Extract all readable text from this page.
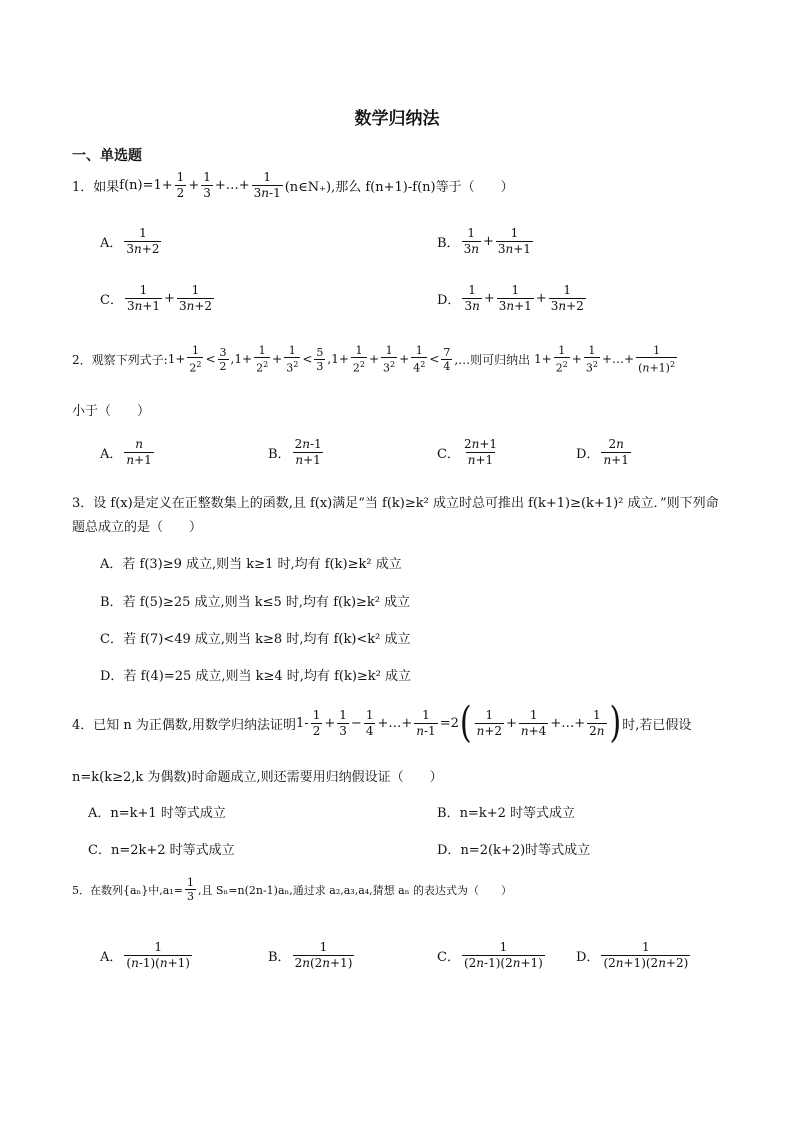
数学归纳法
一、单选题
1．如果 $f(n)=1+ \frac{1}{2} + \frac{1}{3}$ +…+ $\frac{1}{3n-1}$ (n∈N₊),那么 f(n+1)-f(n)等于（　　）
A． $\frac{1}{3n+2}$	B． $\frac{1}{3n} + \frac{1}{3n+1}$
C． $\frac{1}{3n+1} + \frac{1}{3n+2}$	D． $\frac{1}{3n} + \frac{1}{3n+1} + \frac{1}{3n+2}$
2．观察下列式子: $1+ \frac{1}{2^2} < \frac{3}{2} ,1+ \frac{1}{2^2} + \frac{1}{3^2} < \frac{5}{3} ,1+ \frac{1}{2^2} + \frac{1}{3^2} + \frac{1}{4^2} < \frac{7}{4}$ ,…则可归纳出 $1+ \frac{1}{2^2} + \frac{1}{3^2}$ +…+ $\frac{1}{(n+1)^2}$
小于（　　）
A． $\frac{n}{n+1}$	B． $\frac{2n-1}{n+1}$	C． $\frac{2n+1}{n+1}$	D． $\frac{2n}{n+1}$
3．设 f(x)是定义在正整数集上的函数,且 f(x)满足“当 f(k)≥k² 成立时总可推出 f(k+1)≥(k+1)² 成立．”则下列命
题总成立的是（　　）
A．若 f(3)≥9 成立,则当 k≥1 时,均有 f(k)≥k² 成立
B．若 f(5)≥25 成立,则当 k≤5 时,均有 f(k)≥k² 成立
C．若 f(7)<49 成立,则当 k≥8 时,均有 f(k)<k² 成立
D．若 f(4)=25 成立,则当 k≥4 时,均有 f(k)≥k² 成立
4．已知 n 为正偶数,用数学归纳法证明 $1- \frac{1}{2} + \frac{1}{3} - \frac{1}{4}$ +…+ $\frac{1}{n-1} =2$ ( $\frac{1}{n+2} + \frac{1}{n+4}$ +…+ $\frac{1}{2n}$ ) 时,若已假设
n=k(k≥2,k 为偶数)时命题成立,则还需要用归纳假设证（　　）
A．n=k+1 时等式成立	B．n=k+2 时等式成立
C．n=2k+2 时等式成立	D．n=2(k+2)时等式成立
5．在数列{aₙ}中$,a_1= \frac{1}{3}$ ,且 Sₙ=n(2n-1)aₙ,通过求 a₂,a₃,a₄,猜想 aₙ 的表达式为（　　）
A． $\frac{1}{(n-1)(n+1)}$	B． $\frac{1}{2n(2n+1)}$	C． $\frac{1}{(2n-1)(2n+1)}$ D． $\frac{1}{(2n+1)(2n+2)}$
